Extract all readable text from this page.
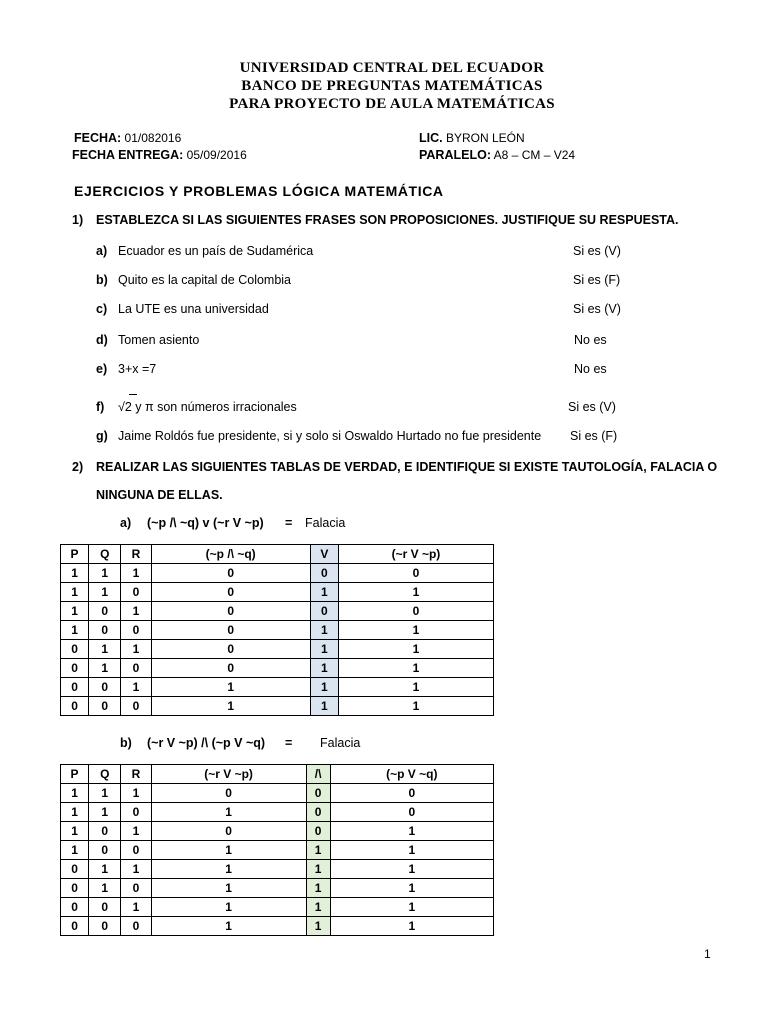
UNIVERSIDAD CENTRAL DEL ECUADOR
BANCO DE PREGUNTAS MATEMÁTICAS
PARA PROYECTO DE AULA MATEMÁTICAS
FECHA: 01/082016
FECHA ENTREGA: 05/09/2016
LIC. BYRON LEÓN
PARALELO: A8 – CM – V24
EJERCICIOS Y PROBLEMAS LÓGICA MATEMÁTICA
1) ESTABLEZCA SI LAS SIGUIENTES FRASES SON PROPOSICIONES. JUSTIFIQUE SU RESPUESTA.
a) Ecuador es un país de Sudamérica	Si es (V)
b) Quito es la capital de Colombia	Si es (F)
c) La UTE es una universidad	Si es (V)
d) Tomen asiento	No es
e) 3+x =7	No es
f) √2 y π son números irracionales	Si es (V)
g) Jaime Roldós fue presidente, si y solo si Oswaldo Hurtado no fue presidente Si es (F)
2) REALIZAR LAS SIGUIENTES TABLAS DE VERDAD, E IDENTIFIQUE SI EXISTE TAUTOLOGÍA, FALACIA O
NINGUNA DE ELLAS.
a) (~p /\ ~q) v (~r V ~p) = Falacia
P	Q	R	(~p /\ ~q)	V	(~r V ~p)
1	1	1	0	0	0
1	1	0	0	1	1
1	0	1	0	0	0
1	0	0	0	1	1
0	1	1	0	1	1
0	1	0	0	1	1
0	0	1	1	1	1
0	0	0	1	1	1
b) (~r V ~p) /\ (~p V ~q) = Falacia
P	Q	R	(~r V ~p)	/\	(~p V ~q)
1	1	1	0	0	0
1	1	0	1	0	0
1	0	1	0	0	1
1	0	0	1	1	1
0	1	1	1	1	1
0	1	0	1	1	1
0	0	1	1	1	1
0	0	0	1	1	1
1
